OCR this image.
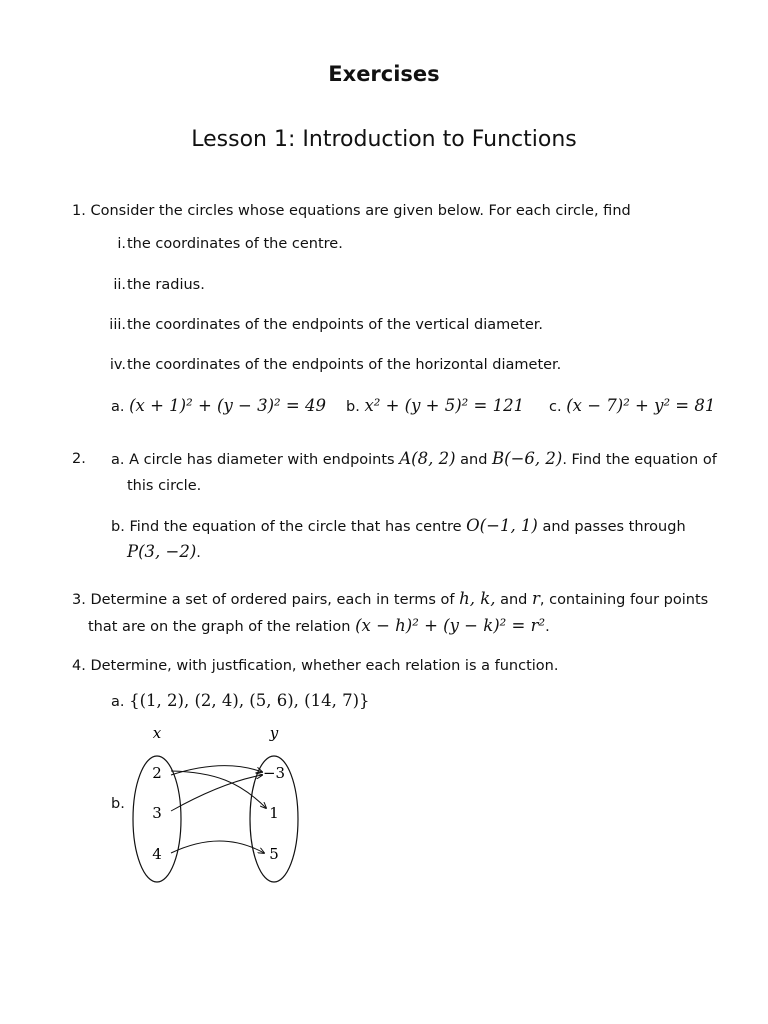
Exercises
Lesson 1: Introduction to Functions
1. Consider the circles whose equations are given below. For each circle, find
i. the coordinates of the centre.
ii. the radius.
iii. the coordinates of the endpoints of the vertical diameter.
iv. the coordinates of the endpoints of the horizontal diameter.
a. (x + 1)² + (y − 3)² = 49 b. x² + (y + 5)² = 121 c. (x − 7)² + y² = 81
2. a. A circle has diameter with endpoints A(8, 2) and B(−6, 2). Find the equation of
this circle.
b. Find the equation of the circle that has centre O(−1, 1) and passes through
P(3, −2).
3. Determine a set of ordered pairs, each in terms of h, k, and r, containing four points
that are on the graph of the relation (x − h)² + (y − k)² = r².
4. Determine, with justfication, whether each relation is a function.
a. {(1, 2), (2, 4), (5, 6), (14, 7)}
b.
x	y
2
3
4
−3
1
5
